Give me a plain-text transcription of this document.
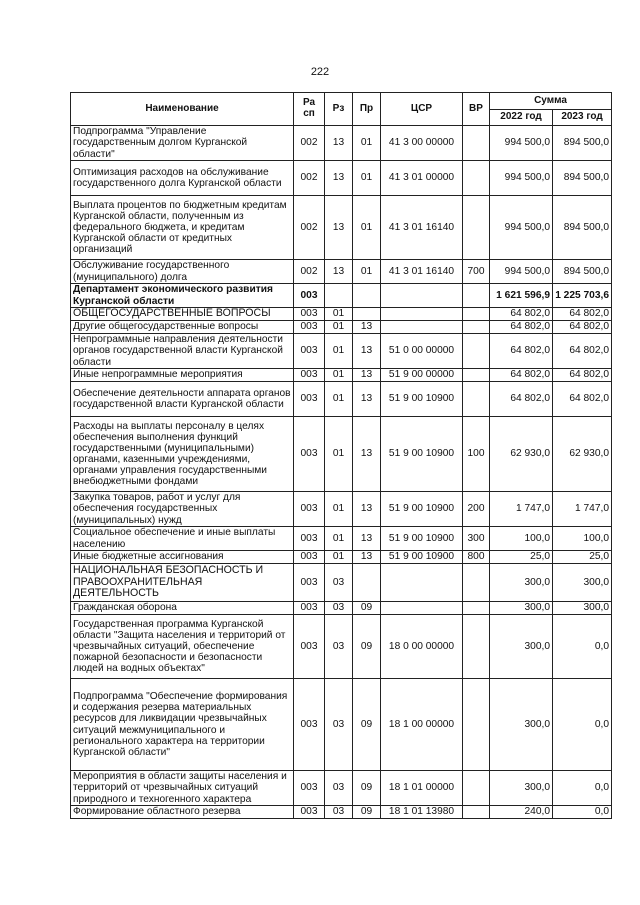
222
Наименование	Ра сп	Рз	Пр	ЦСР	ВР	Сумма	
						2022 год	2023 год
Подпрограмма "Управление государственным долгом Курганской области"	002	13	01	41 3 00 00000		994 500,0	894 500,0
Оптимизация расходов на обслуживание государственного долга Курганской области	002	13	01	41 3 01 00000		994 500,0	894 500,0
Выплата процентов по бюджетным кредитам Курганской области, полученным из федерального бюджета, и кредитам Курганской области от кредитных организаций	002	13	01	41 3 01 16140		994 500,0	894 500,0
Обслуживание государственного (муниципального) долга	002	13	01	41 3 01 16140	700	994 500,0	894 500,0
Департамент экономического развития Курганской области	003					1 621 596,9	1 225 703,6
ОБЩЕГОСУДАРСТВЕННЫЕ ВОПРОСЫ	003	01				64 802,0	64 802,0
Другие общегосударственные вопросы	003	01	13			64 802,0	64 802,0
Непрограммные направления деятельности органов государственной власти Курганской области	003	01	13	51 0 00 00000		64 802,0	64 802,0
Иные непрограммные мероприятия	003	01	13	51 9 00 00000		64 802,0	64 802,0
Обеспечение деятельности аппарата органов государственной власти Курганской области	003	01	13	51 9 00 10900		64 802,0	64 802,0
Расходы на выплаты персоналу в целях обеспечения выполнения функций государственными (муниципальными) органами, казенными учреждениями, органами управления государственными внебюджетными фондами	003	01	13	51 9 00 10900	100	62 930,0	62 930,0
Закупка товаров, работ и услуг для обеспечения государственных (муниципальных) нужд	003	01	13	51 9 00 10900	200	1 747,0	1 747,0
Социальное обеспечение и иные выплаты населению	003	01	13	51 9 00 10900	300	100,0	100,0
Иные бюджетные ассигнования	003	01	13	51 9 00 10900	800	25,0	25,0
НАЦИОНАЛЬНАЯ БЕЗОПАСНОСТЬ И ПРАВООХРАНИТЕЛЬНАЯ ДЕЯТЕЛЬНОСТЬ	003	03				300,0	300,0
Гражданская оборона	003	03	09			300,0	300,0
Государственная программа Курганской области "Защита населения и территорий от чрезвычайных ситуаций, обеспечение пожарной безопасности и безопасности людей на водных объектах"	003	03	09	18 0 00 00000		300,0	0,0
Подпрограмма "Обеспечение формирования и содержания резерва материальных ресурсов для ликвидации чрезвычайных ситуаций межмуниципального и регионального характера на территории Курганской области"	003	03	09	18 1 00 00000		300,0	0,0
Мероприятия в области защиты населения и территорий от чрезвычайных ситуаций природного и техногенного характера	003	03	09	18 1 01 00000		300,0	0,0
Формирование областного резерва	003	03	09	18 1 01 13980		240,0	0,0
